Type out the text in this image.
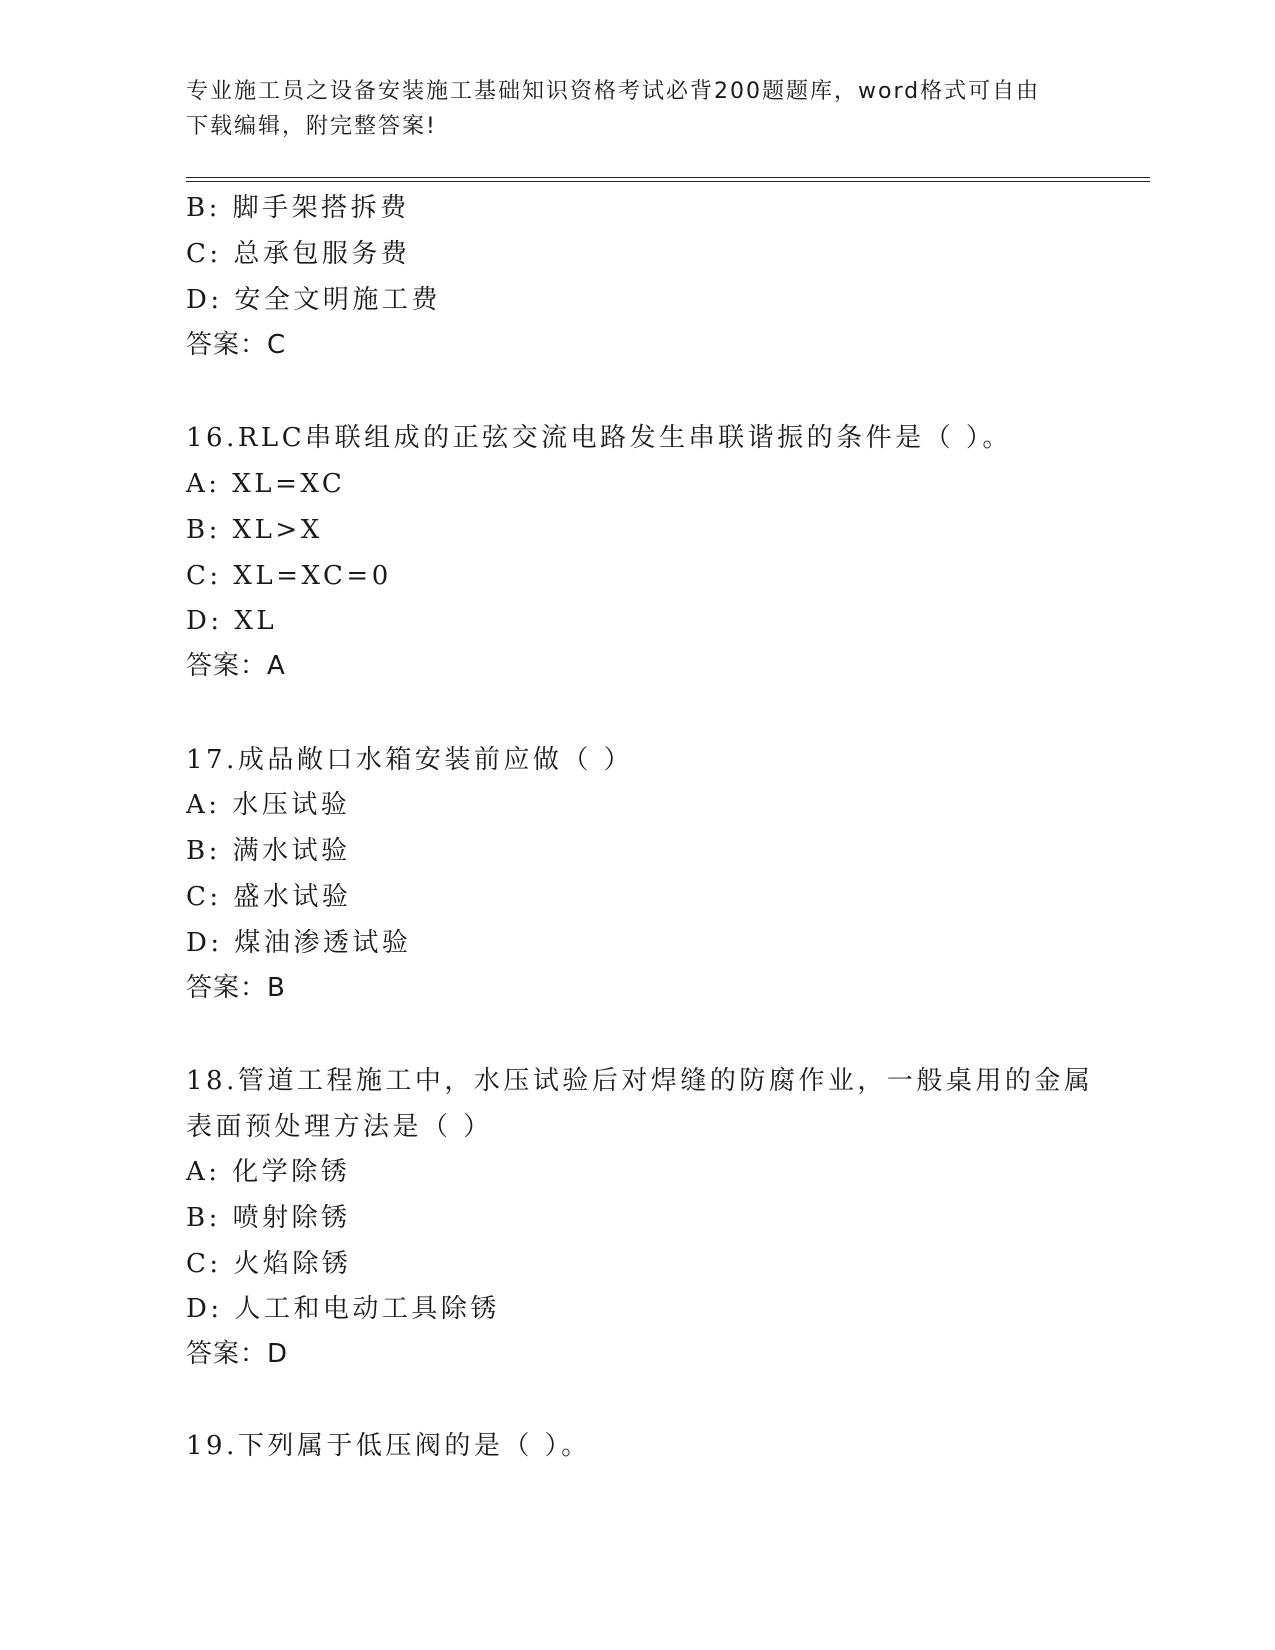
专业施工员之设备安装施工基础知识资格考试必背200题题库，word格式可自由
下载编辑，附完整答案!
B: 脚手架搭拆费
C: 总承包服务费
D: 安全文明施工费
答案：C
16.RLC串联组成的正弦交流电路发生串联谐振的条件是（ ）。
A: XL=XC
B: XL>X
C: XL=XC=0
D: XL
答案：A
17.成品敞口水箱安装前应做（ ）
A: 水压试验
B: 满水试验
C: 盛水试验
D: 煤油渗透试验
答案：B
18.管道工程施工中，水压试验后对焊缝的防腐作业，一般桌用的金属
表面预处理方法是（ ）
A: 化学除锈
B: 喷射除锈
C: 火焰除锈
D: 人工和电动工具除锈
答案：D
19.下列属于低压阀的是（ ）。
